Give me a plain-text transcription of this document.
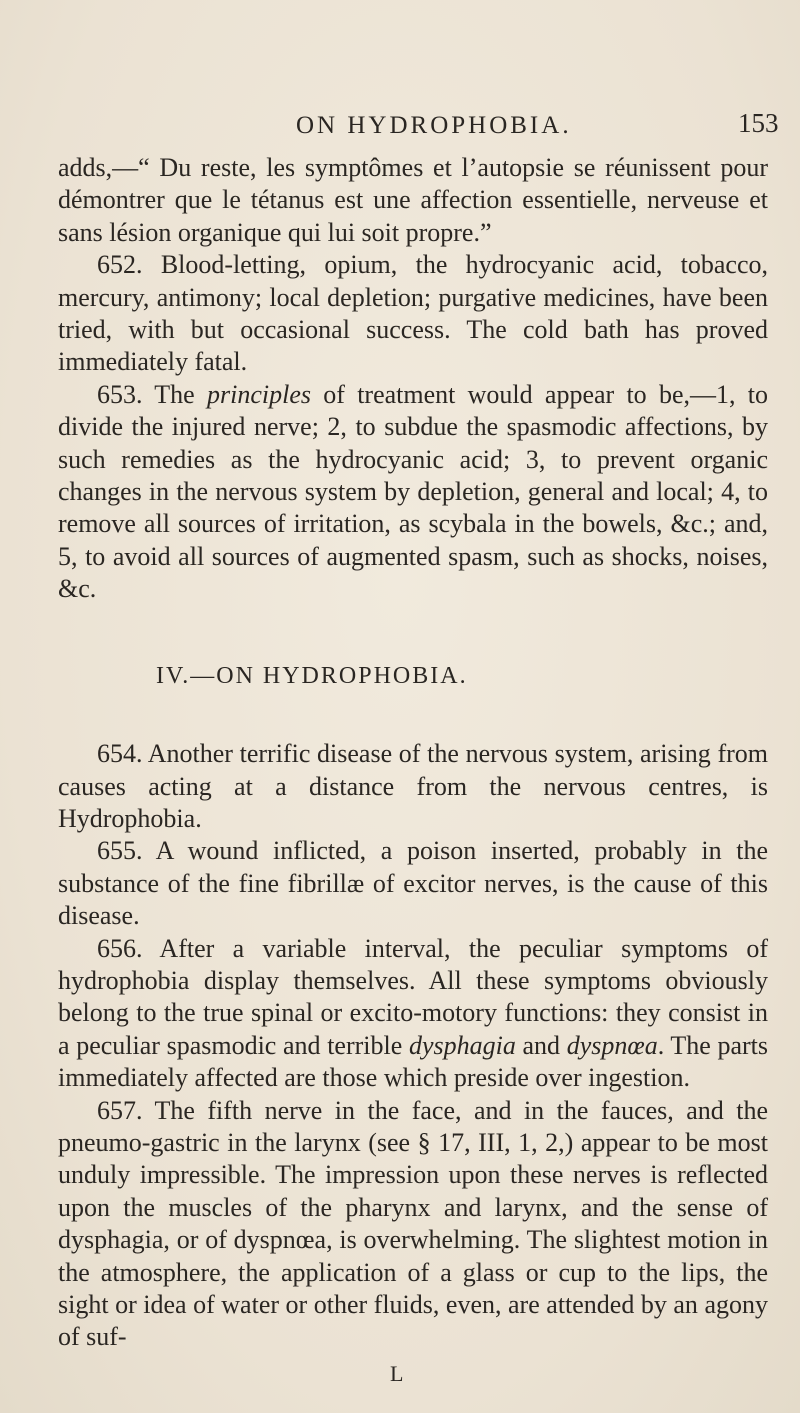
ON HYDROPHOBIA.	153

adds,—“ Du reste, les symptômes et l’autopsie se réunissent pour démontrer que le tétanus est une affection essentielle, nerveuse et sans lésion organique qui lui soit propre.”

652. Blood-letting, opium, the hydrocyanic acid, tobacco, mercury, antimony; local depletion; purgative medicines, have been tried, with but occasional success. The cold bath has proved immediately fatal.

653. The principles of treatment would appear to be,—1, to divide the injured nerve; 2, to subdue the spasmodic affections, by such remedies as the hydrocyanic acid; 3, to prevent organic changes in the nervous system by depletion, general and local; 4, to remove all sources of irritation, as scybala in the bowels, &c.; and, 5, to avoid all sources of augmented spasm, such as shocks, noises, &c.

IV.—ON HYDROPHOBIA.

654. Another terrific disease of the nervous system, arising from causes acting at a distance from the nervous centres, is Hydrophobia.

655. A wound inflicted, a poison inserted, probably in the substance of the fine fibrillæ of excitor nerves, is the cause of this disease.

656. After a variable interval, the peculiar symptoms of hydrophobia display themselves. All these symptoms obviously belong to the true spinal or excito-motory functions: they consist in a peculiar spasmodic and terrible dysphagia and dyspnœa. The parts immediately affected are those which preside over ingestion.

657. The fifth nerve in the face, and in the fauces, and the pneumo-gastric in the larynx (see § 17, III, 1, 2,) appear to be most unduly impressible. The impression upon these nerves is reflected upon the muscles of the pharynx and larynx, and the sense of dysphagia, or of dyspnœa, is overwhelming. The slightest motion in the atmosphere, the application of a glass or cup to the lips, the sight or idea of water or other fluids, even, are attended by an agony of suf-

L
